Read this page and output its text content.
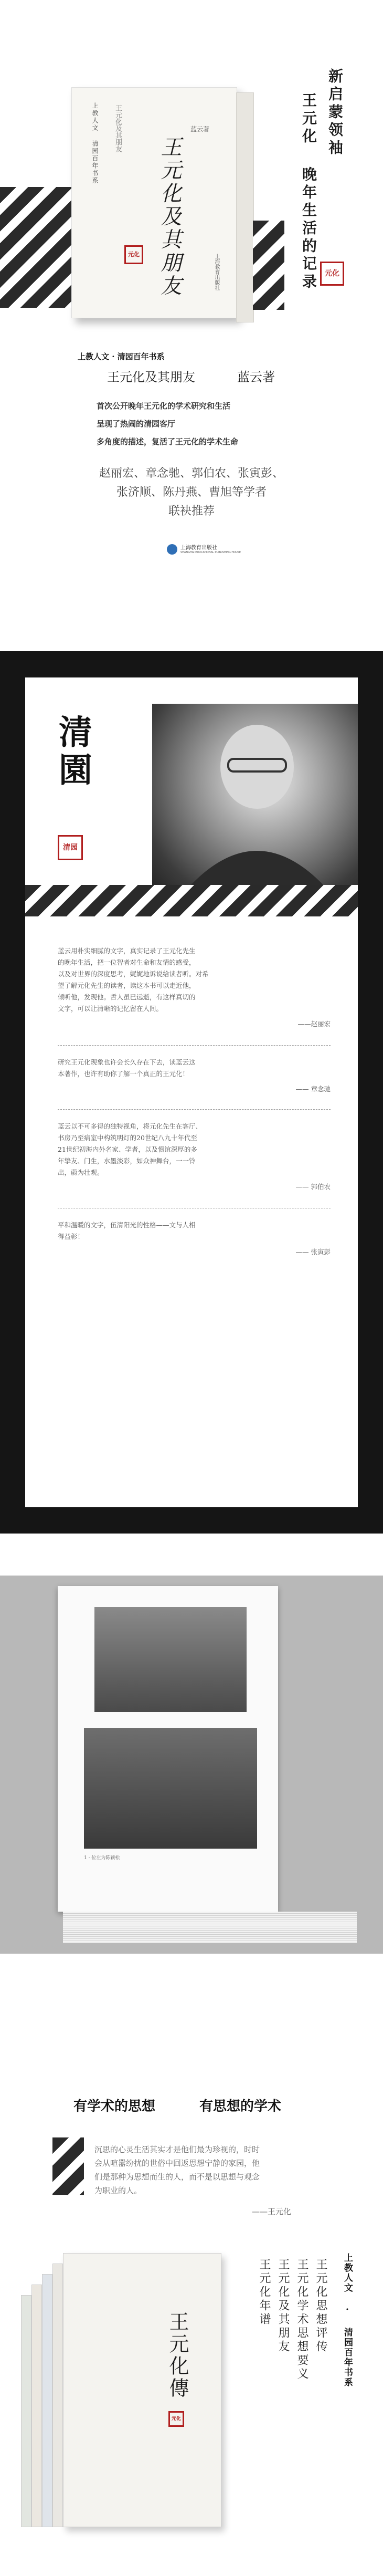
上教人文 清园百年书系
王元化及其朋友	蓝云著
王元化及其朋友
元化	上海教育出版社
新启蒙领袖
王元化 晚年生活的记录	元化
上教人文 · 清园百年书系
王元化及其朋友	蓝云著
首次公开晚年王元化的学术研究和生活
呈现了热闹的清园客厅
多角度的描述，复活了王元化的学术生命
赵丽宏、章念驰、郭伯农、张寅彭、
张济顺、陈丹燕、曹旭等学者
联袂推荐
上海教育出版社
SHANGHAI EDUCATIONAL PUBLISHING HOUSE
清園
清园
蓝云用朴实细腻的文字，真实记录了王元化先生
的晚年生活，把一位智者对生命和友情的感受，
以及对世界的深度思考，娓娓地诉说给读者听。对希
望了解元化先生的读者，读这本书可以走近他，
倾听他，发现他。哲人虽已远逝，有这样真切的
文字，可以让清晰的记忆留在人间。
——赵丽宏
研究王元化现象也许会长久存在下去，读蓝云这
本著作，也许有助你了解一个真正的王元化！
—— 章念驰
蓝云以不可多得的独特视角，将元化先生在客厅、
书房乃至病室中构筑明灯的20世纪八九十年代至
21世纪初海内外名家、学者，以及慎谊深厚的多
年挚友、门生，水墨淡彩，如众神舞台，一一铃
出，蔚为壮观。
—— 郭伯农
平和温暖的文字，伍清阳光的性格——文与人相
得益彰！
—— 张寅彭
1 · 位左为陈颖松
有学术的思想	有思想的学术
沉思的心灵生活其实才是他们最为珍视的，时时
会从喧嚣纷扰的世俗中回返思想宁静的家园，他
们是那种为思想而生的人，而不是以思想与观念
为职业的人。
——王元化
王元化傳
元化
上教人文 · 清园百年书系
王元化思想评传
王元化学术思想要义
王元化及其朋友
王元化年谱
